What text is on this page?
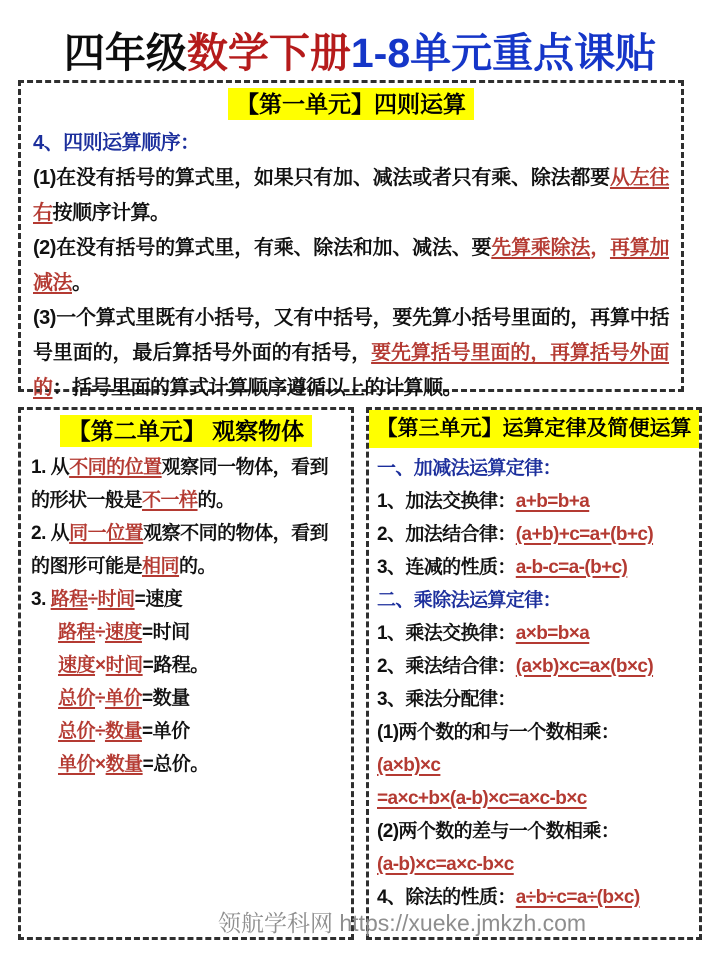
四年级数学下册1-8单元重点课贴
【第一单元】四则运算
4、四则运算顺序：
(1)在没有括号的算式里，如果只有加、减法或者只有乘、除法都要从左往右按顺序计算。
(2)在没有括号的算式里，有乘、除法和加、减法、要先算乘除法，再算加减法。
(3)一个算式里既有小括号，又有中括号，要先算小括号里面的，再算中括号里面的，最后算括号外面的有括号，要先算括号里面的，再算括号外面的：括号里面的算式计算顺序遵循以上的计算顺。
【第二单元】 观察物体
1. 从不同的位置观察同一物体，看到的形状一般是不一样的。
2. 从同一位置观察不同的物体，看到的图形可能是相同的。
3. 路程÷时间=速度
路程÷速度=时间
速度×时间=路程。
总价÷单价=数量
总价÷数量=单价
单价×数量=总价。
【第三单元】运算定律及简便运算
一、加减法运算定律：
1、加法交换律：a+b=b+a
2、加法结合律：(a+b)+c=a+(b+c)
3、连减的性质：a-b-c=a-(b+c)
二、乘除法运算定律：
1、乘法交换律：a×b=b×a
2、乘法结合律：(a×b)×c=a×(b×c)
3、乘法分配律：
(1)两个数的和与一个数相乘：
(a×b)×c
=a×c+b×(a-b)×c=a×c-b×c
(2)两个数的差与一个数相乘：
(a-b)×c=a×c-b×c
4、除法的性质：a÷b÷c=a÷(b×c)
领航学科网 https://xueke.jmkzh.com
